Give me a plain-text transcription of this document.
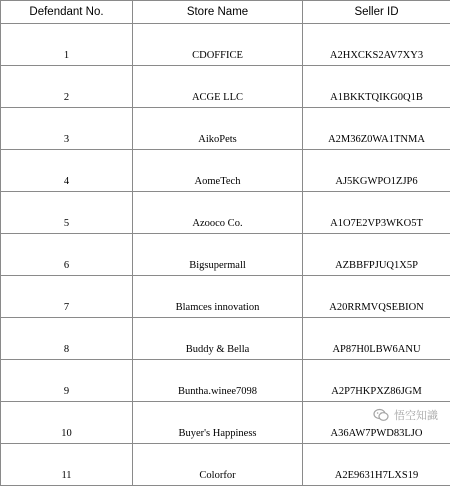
Defendant No.	Store Name	Seller ID
1	CDOFFICE	A2HXCKS2AV7XY3
2	ACGE LLC	A1BKKTQIKG0Q1B
3	AikoPets	A2M36Z0WA1TNMA
4	AomeTech	AJ5KGWPO1ZJP6
5	Azooco Co.	A1O7E2VP3WKO5T
6	Bigsupermall	AZBBFPJUQ1X5P
7	Blamces innovation	A20RRMVQSEBION
8	Buddy & Bella	AP87H0LBW6ANU
9	Buntha.winee7098	A2P7HKPXZ86JGM
10	Buyer's Happiness	A36AW7PWD83LJO
11	Colorfor	A2E9631H7LXS19
悟空知識
